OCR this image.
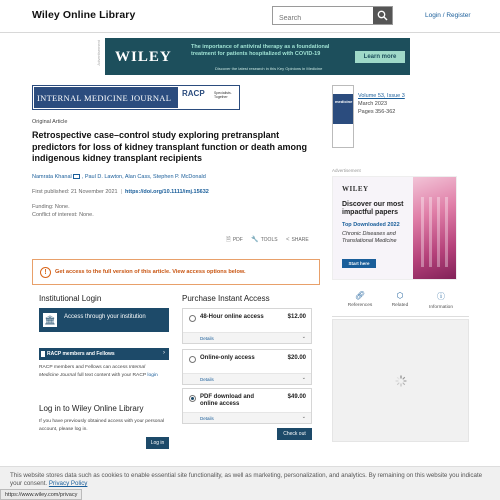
Wiley Online Library
Search	Login / Register
Advertisement WILEY
The importance of antiviral therapy as a foundational treatment for patients hospitalized with COVID-19	Learn more
Discover the latest research in this Key Opinions in Medicine
INTERNAL MEDICINE JOURNAL RACP	Specialists. Together
Original Article
Retrospective case–control study exploring pretransplant predictors for loss of kidney transplant function or death among indigenous kidney transplant recipients
Namrata Khanal , Paul D. Lawton, Alan Cass, Stephen P. McDonald
First published: 21 November 2021 | https://doi.org/10.1111/imj.15632
Funding: None.
Conflict of interest: None.
🗎 PDF 🔧 TOOLS < SHARE
!	Get access to the full version of this article. View access options below.
Institutional Login
🏛 Access through your institution
RACP members and Fellows	›
RACP members and Fellows can access Internal Medicine Journal full text content with your RACP login
Log in to Wiley Online Library
If you have previously obtained access with your personal account, please log in.
Log in
Purchase Instant Access
48-Hour online access	$12.00
Details	⌄
Online-only access	$20.00
Details	⌄
PDF download and online access
$49.00
Details	⌄
Check out
medicine
Volume 53, Issue 3
March 2023
Pages 356-362
Advertisement
WILEY
Discover our most impactful papers
Top Downloaded 2022
Chronic Diseases and Translational Medicine
Start here
🔗︎
References
⬡
Related
ⓘ
Information
This website stores data such as cookies to enable essential site functionality, as well as marketing, personalization, and analytics. By remaining on this website you indicate your consent. Privacy Policy
https://www.wiley.com/privacy
